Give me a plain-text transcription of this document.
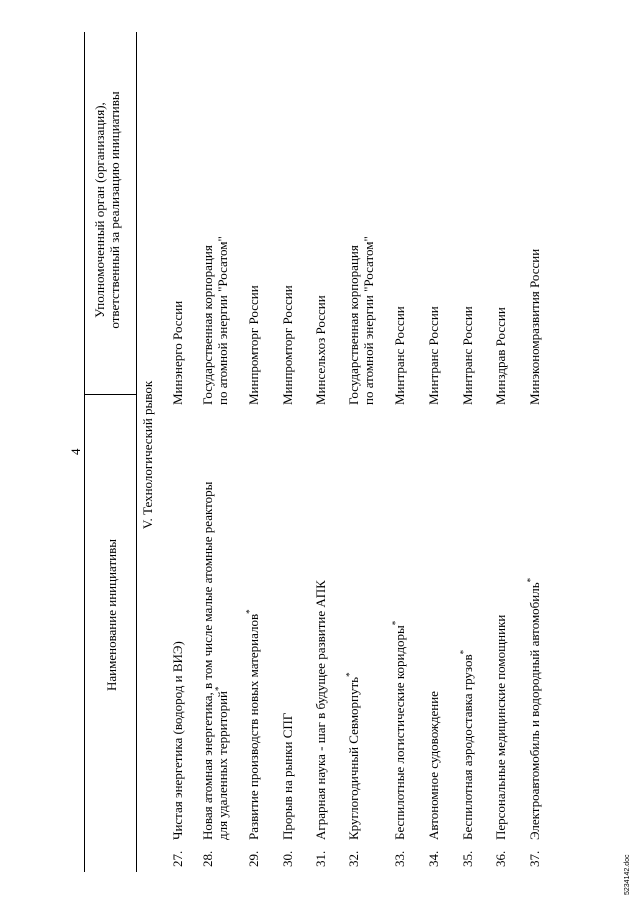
4
Наименование инициативы
Уполномоченный орган (организация), ответственный за реализацию инициативы
V. Технологический рывок
27.
Чистая энергетика (водород и ВИЭ)
Минэнерго России
28.
Новая атомная энергетика, в том числе малые атомные реакторы
для удаленных территорий*
Государственная корпорация по атомной энергии "Росатом"
29.
Развитие производств новых материалов*
Минпромторг России
30.
Прорыв на рынки СПГ
Минпромторг России
31.
Аграрная наука - шаг в будущее развитие АПК
Минсельхоз России
32.
Круглогодичный Севморпуть*
Государственная корпорация по атомной энергии "Росатом"
33.
Беспилотные логистические коридоры*
Минтранс России
34.
Автономное судовождение
Минтранс России
35.
Беспилотная аэродоставка грузов*
Минтранс России
36.
Персональные медицинские помощники
Минздрав России
37.
Электроавтомобиль и водородный автомобиль*
Минэкономразвития России
5234142.doc
